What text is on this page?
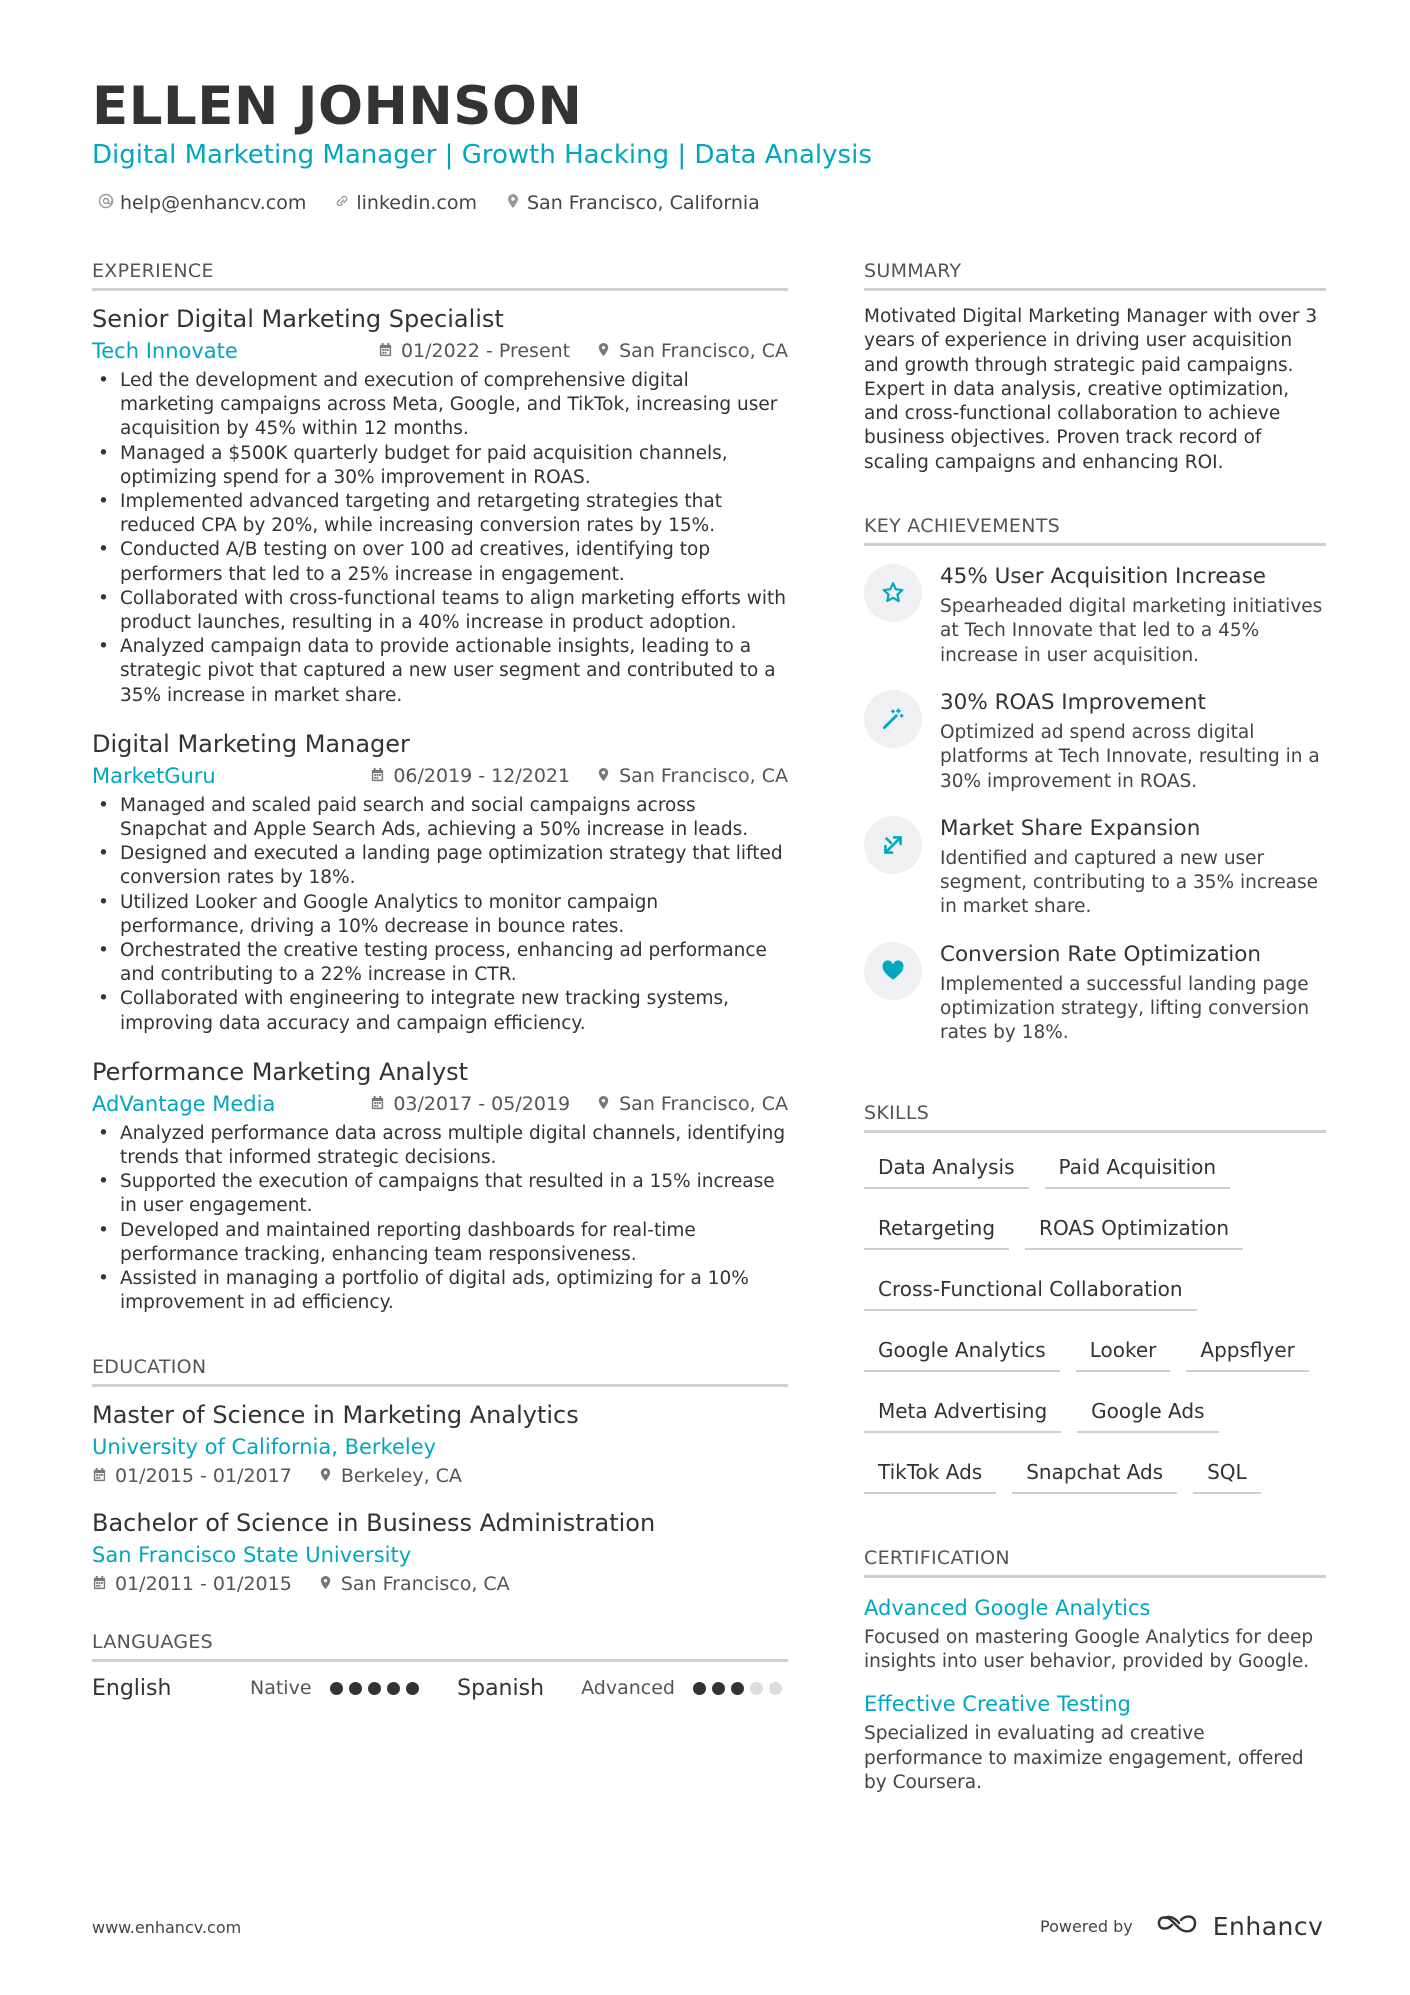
ELLEN JOHNSON
Digital Marketing Manager | Growth Hacking | Data Analysis
help@enhancv.com	linkedin.com	San Francisco, California
EXPERIENCE
Senior Digital Marketing Specialist
Tech Innovate	01/2022 - Present	San Francisco, CA
• Led the development and execution of comprehensive digital marketing campaigns across Meta, Google, and TikTok, increasing user acquisition by 45% within 12 months.
• Managed a $500K quarterly budget for paid acquisition channels, optimizing spend for a 30% improvement in ROAS.
• Implemented advanced targeting and retargeting strategies that reduced CPA by 20%, while increasing conversion rates by 15%.
• Conducted A/B testing on over 100 ad creatives, identifying top performers that led to a 25% increase in engagement.
• Collaborated with cross-functional teams to align marketing efforts with product launches, resulting in a 40% increase in product adoption.
• Analyzed campaign data to provide actionable insights, leading to a strategic pivot that captured a new user segment and contributed to a 35% increase in market share.
Digital Marketing Manager
MarketGuru	06/2019 - 12/2021	San Francisco, CA
• Managed and scaled paid search and social campaigns across Snapchat and Apple Search Ads, achieving a 50% increase in leads.
• Designed and executed a landing page optimization strategy that lifted conversion rates by 18%.
• Utilized Looker and Google Analytics to monitor campaign performance, driving a 10% decrease in bounce rates.
• Orchestrated the creative testing process, enhancing ad performance and contributing to a 22% increase in CTR.
• Collaborated with engineering to integrate new tracking systems, improving data accuracy and campaign efficiency.
Performance Marketing Analyst
AdVantage Media	03/2017 - 05/2019	San Francisco, CA
• Analyzed performance data across multiple digital channels, identifying trends that informed strategic decisions.
• Supported the execution of campaigns that resulted in a 15% increase in user engagement.
• Developed and maintained reporting dashboards for real-time performance tracking, enhancing team responsiveness.
• Assisted in managing a portfolio of digital ads, optimizing for a 10% improvement in ad efficiency.
EDUCATION
Master of Science in Marketing Analytics
University of California, Berkeley
01/2015 - 01/2017	Berkeley, CA
Bachelor of Science in Business Administration
San Francisco State University
01/2011 - 01/2015	San Francisco, CA
LANGUAGES
English	Native	Spanish	Advanced
SUMMARY
Motivated Digital Marketing Manager with over 3 years of experience in driving user acquisition and growth through strategic paid campaigns. Expert in data analysis, creative optimization, and cross-functional collaboration to achieve business objectives. Proven track record of scaling campaigns and enhancing ROI.
KEY ACHIEVEMENTS
45% User Acquisition Increase
Spearheaded digital marketing initiatives at Tech Innovate that led to a 45% increase in user acquisition.
30% ROAS Improvement
Optimized ad spend across digital platforms at Tech Innovate, resulting in a 30% improvement in ROAS.
Market Share Expansion
Identified and captured a new user segment, contributing to a 35% increase in market share.
Conversion Rate Optimization
Implemented a successful landing page optimization strategy, lifting conversion rates by 18%.
SKILLS
Data Analysis	Paid Acquisition
Retargeting	ROAS Optimization
Cross-Functional Collaboration
Google Analytics	Looker	Appsflyer
Meta Advertising	Google Ads
TikTok Ads	Snapchat Ads	SQL
CERTIFICATION
Advanced Google Analytics
Focused on mastering Google Analytics for deep insights into user behavior, provided by Google.
Effective Creative Testing
Specialized in evaluating ad creative performance to maximize engagement, offered by Coursera.
www.enhancv.com	Powered by	Enhancv
